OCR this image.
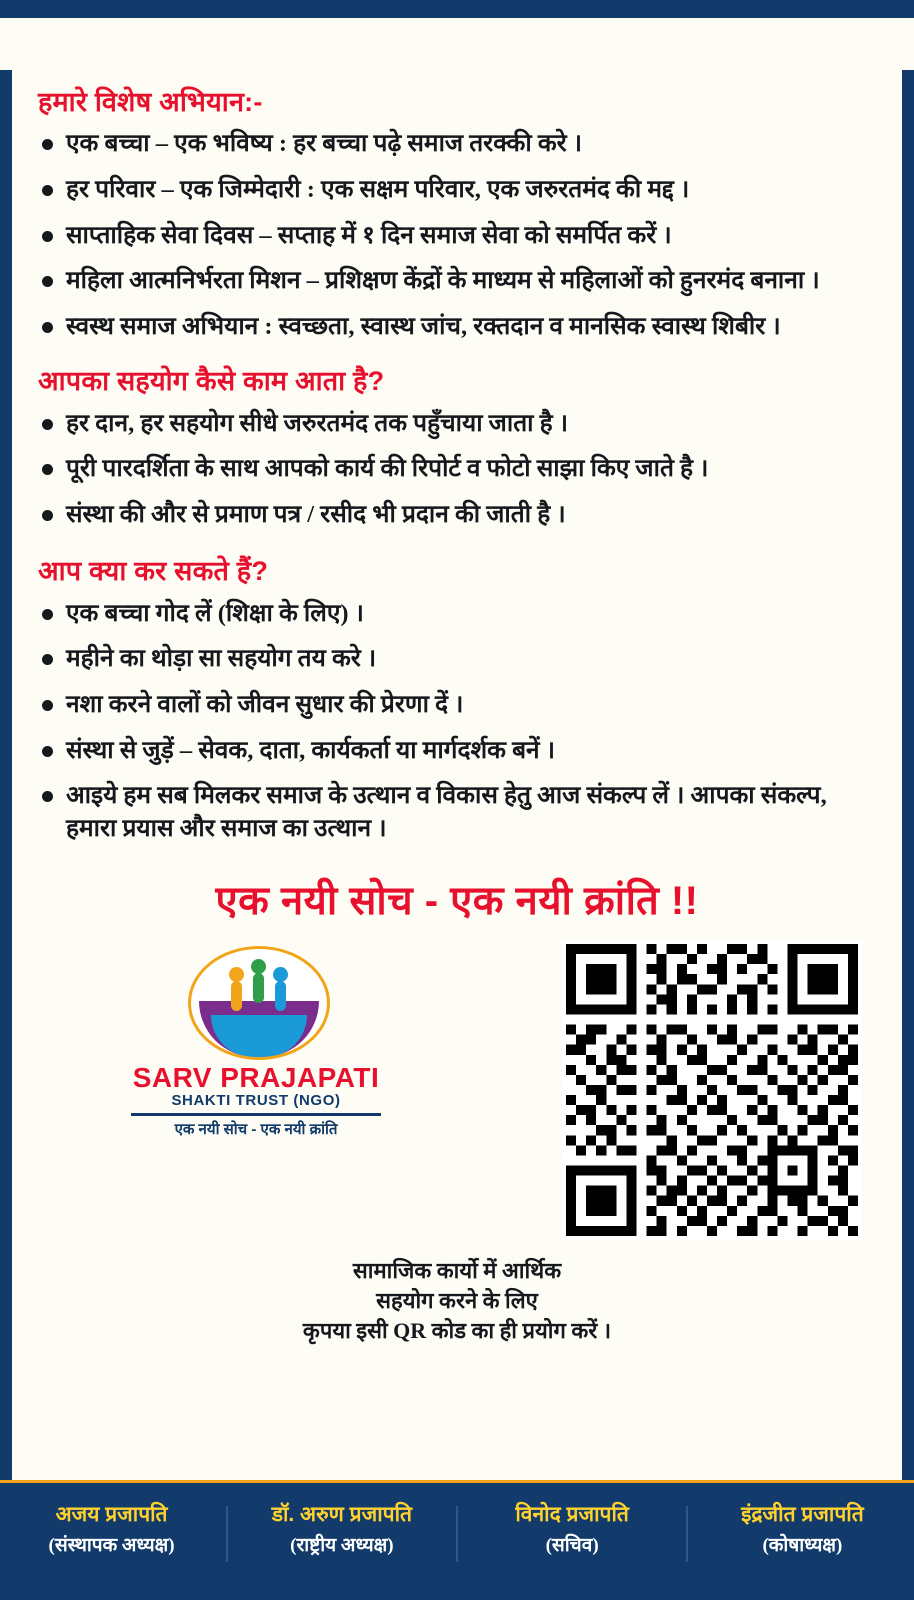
हमारे विशेष अभियान:-
एक बच्चा – एक भविष्य : हर बच्चा पढ़े समाज तरक्की करे ।
हर परिवार – एक जिम्मेदारी : एक सक्षम परिवार, एक जरुरतमंद की मद्द ।
साप्ताहिक सेवा दिवस – सप्ताह में १ दिन समाज सेवा को समर्पित करें ।
महिला आत्मनिर्भरता मिशन – प्रशिक्षण केंद्रों के माध्यम से महिलाओं को हुनरमंद बनाना ।
स्वस्थ समाज अभियान : स्वच्छता, स्वास्थ जांच, रक्तदान व मानसिक स्वास्थ शिबीर ।
आपका सहयोग कैसे काम आता है?
हर दान, हर सहयोग सीधे जरुरतमंद तक पहुँचाया जाता है ।
पूरी पारदर्शिता के साथ आपको कार्य की रिपोर्ट व फोटो साझा किए जाते है ।
संस्था की और से प्रमाण पत्र / रसीद भी प्रदान की जाती है ।
आप क्या कर सकते हैं?
एक बच्चा गोद लें (शिक्षा के लिए) ।
महीने का थोड़ा सा सहयोग तय करे ।
नशा करने वालों को जीवन सुधार की प्रेरणा दें ।
संस्था से जुड़ें – सेवक, दाता, कार्यकर्ता या मार्गदर्शक बनें ।
आइये हम सब मिलकर समाज के उत्थान व विकास हेतु आज संकल्प लें । आपका संकल्प, हमारा प्रयास और समाज का उत्थान ।
एक नयी सोच - एक नयी क्रांति !!
SARV PRAJAPATI
SHAKTI TRUST (NGO)
एक नयी सोच - एक नयी क्रांति
सामाजिक कार्यो में आर्थिक
सहयोग करने के लिए
कृपया इसी QR कोड का ही प्रयोग करें ।
अजय प्रजापति
(संस्थापक अध्यक्ष)
डॉ. अरुण प्रजापति
(राष्ट्रीय अध्यक्ष)
विनोद प्रजापति
(सचिव)
इंद्रजीत प्रजापति
(कोषाध्यक्ष)
